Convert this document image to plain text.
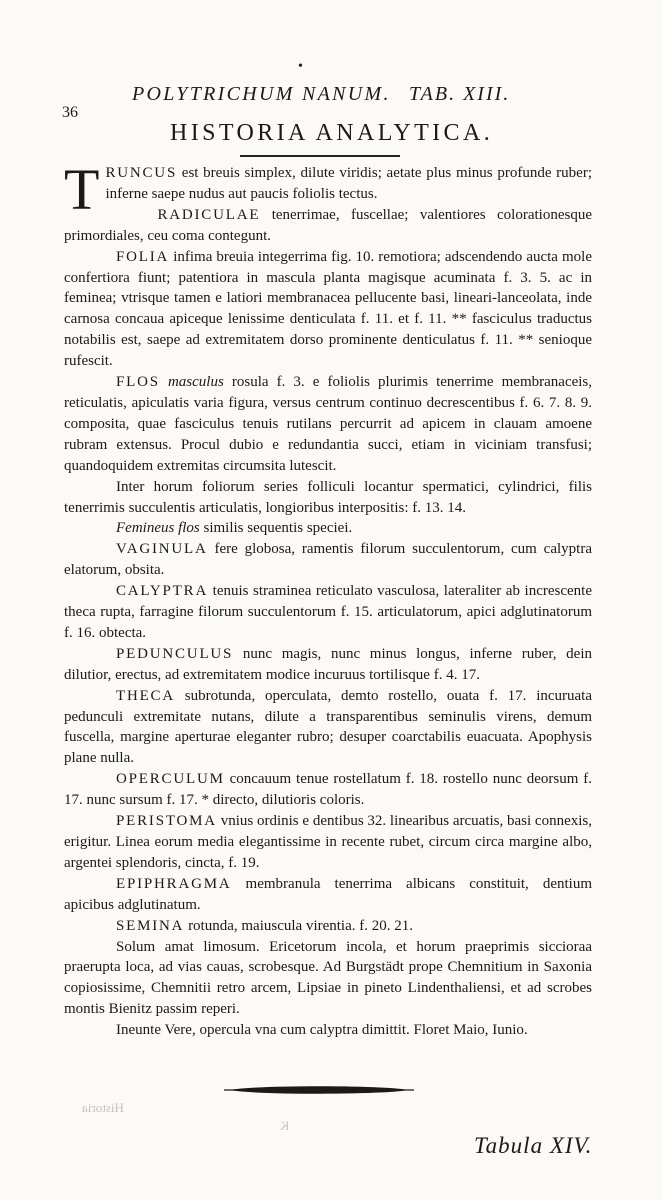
•
36
POLYTRICHUM NANUM. TAB. XIII.
HISTORIA ANALYTICA.

TRUNCUS est breuis simplex, dilute viridis; aetate plus minus profunde ruber; inferne saepe nudus aut paucis foliolis tectus.

RADICULAE tenerrimae, fuscellae; valentiores colorationesque primordiales, ceu coma contegunt.

FOLIA infima breuia integerrima fig. 10. remotiora; adscendendo aucta mole confertiora fiunt; patentiora in mascula planta magisque acuminata f. 3. 5. ac in feminea; vtrisque tamen e latiori membranacea pellucente basi, lineari-lanceolata, inde carnosa concaua apiceque lenissime denticulata f. 11. et f. 11. ** fasciculus traductus notabilis est, saepe ad extremitatem dorso prominente denticulatus f. 11. ** senioque rufescit.

FLOS masculus rosula f. 3. e foliolis plurimis tenerrime membranaceis, reticulatis, apiculatis varia figura, versus centrum continuo decrescentibus f. 6. 7. 8. 9. composita, quae fasciculus tenuis rutilans percurrit ad apicem in clauam amoene rubram extensus. Procul dubio e redundantia succi, etiam in viciniam transfusi; quandoquidem extremitas circumsita lutescit.

Inter horum foliorum series folliculi locantur spermatici, cylindrici, filis tenerrimis succulentis articulatis, longioribus interpositis: f. 13. 14.

Femineus flos similis sequentis speciei.

VAGINULA fere globosa, ramentis filorum succulentorum, cum calyptra elatorum, obsita.

CALYPTRA tenuis straminea reticulato vasculosa, lateraliter ab increscente theca rupta, farragine filorum succulentorum f. 15. articulatorum, apici adglutinatorum f. 16. obtecta.

PEDUNCULUS nunc magis, nunc minus longus, inferne ruber, dein dilutior, erectus, ad extremitatem modice incuruus tortilisque f. 4. 17.

THECA subrotunda, operculata, demto rostello, ouata f. 17. incuruata pedunculi extremitate nutans, dilute a transparentibus seminulis virens, demum fuscella, margine aperturae eleganter rubro; desuper coarctabilis euacuata. Apophysis plane nulla.

OPERCULUM concauum tenue rostellatum f. 18. rostello nunc deorsum f. 17. nunc sursum f. 17. * directo, dilutioris coloris.

PERISTOMA vnius ordinis e dentibus 32. linearibus arcuatis, basi connexis, erigitur. Linea eorum media elegantissime in recente rubet, circum circa margine albo, argentei splendoris, cincta, f. 19.

EPIPHRAGMA membranula tenerrima albicans constituit, dentium apicibus adglutinatum.

SEMINA rotunda, maiuscula virentia. f. 20. 21.

Solum amat limosum. Ericetorum incola, et horum praeprimis siccioraa praerupta loca, ad vias cauas, scrobesque. Ad Burgstädt prope Chemnitium in Saxonia copiosissime, Chemnitii retro arcem, Lipsiae in pineto Lindenthaliensi, et ad scrobes montis Bienitz passim reperi.

Ineunte Vere, opercula vna cum calyptra dimittit. Floret Maio, Iunio.

Historia
K
Tabula XIV.
